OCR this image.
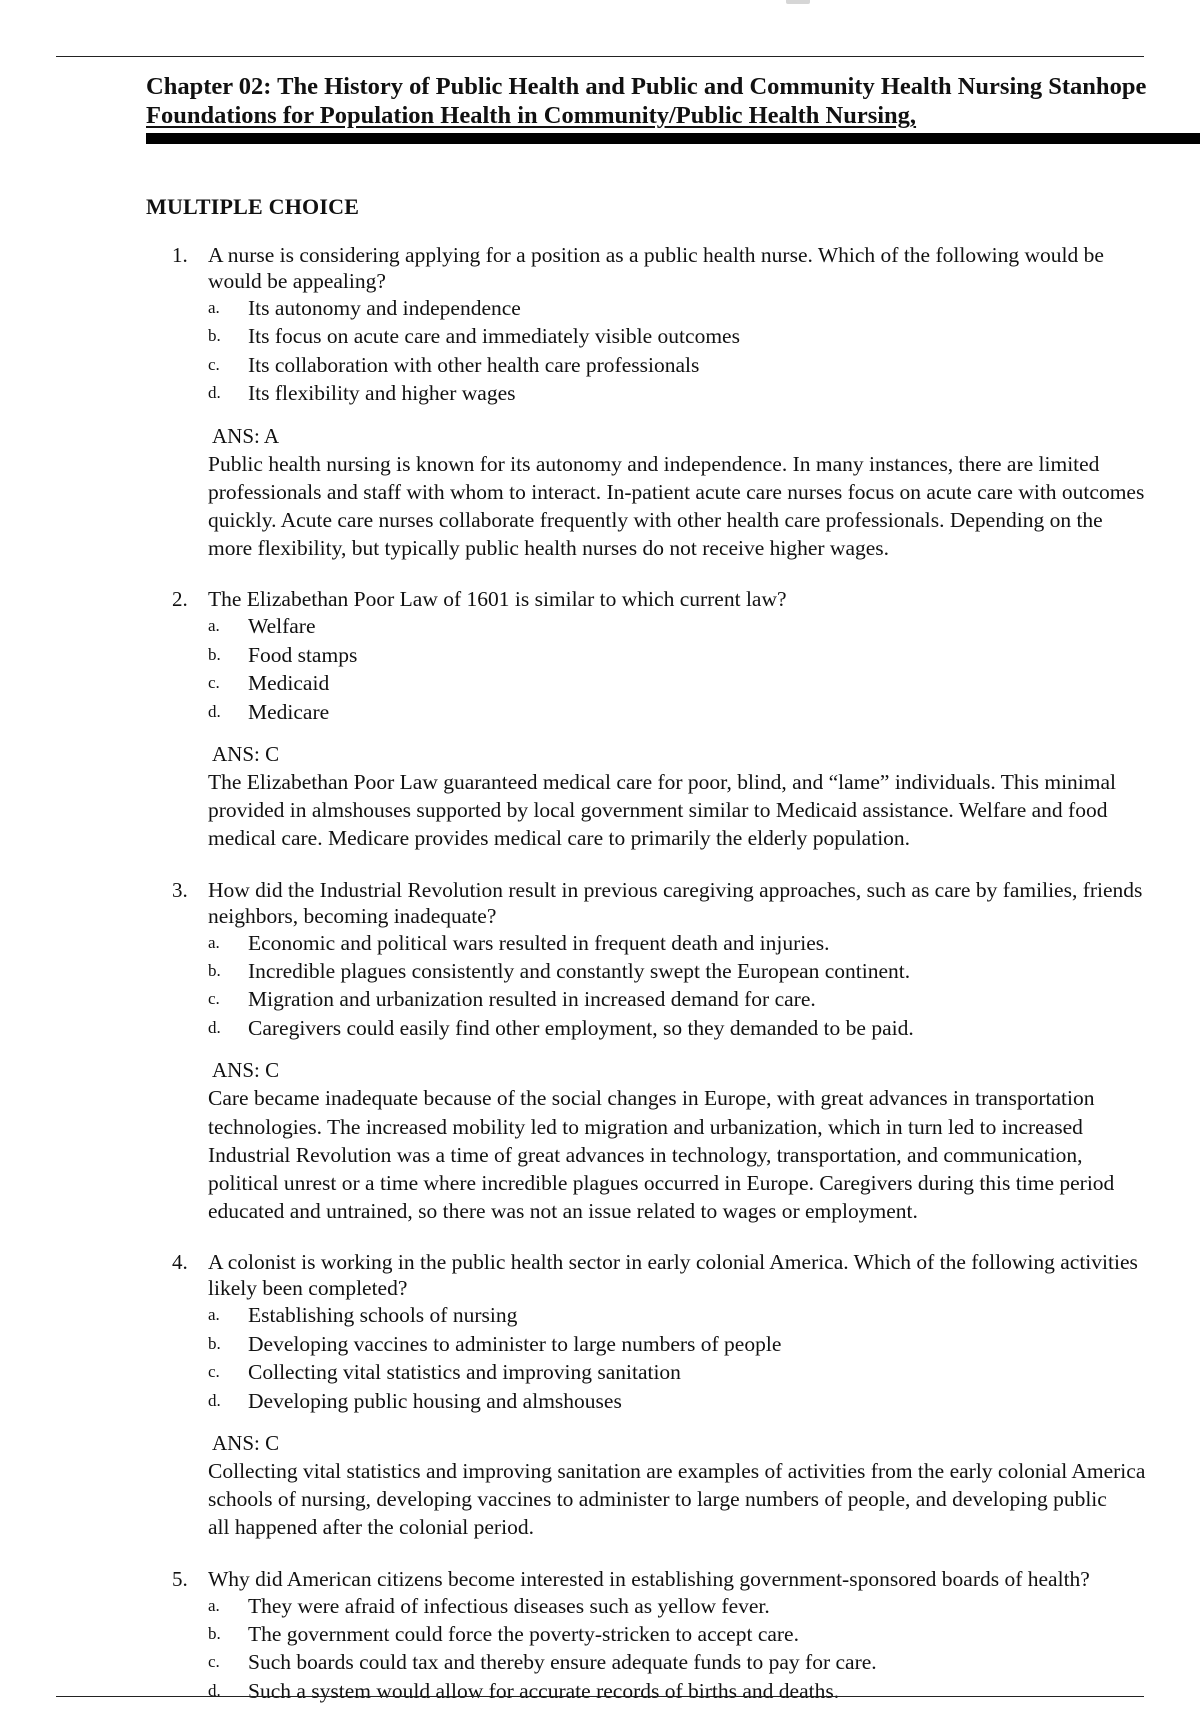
Chapter 02: The History of Public Health and Public and Community Health Nursing Stanhope
Foundations for Population Health in Community/Public Health Nursing,
MULTIPLE CHOICE
1. A nurse is considering applying for a position as a public health nurse. Which of the following would be
would be appealing?
a. Its autonomy and independence
b. Its focus on acute care and immediately visible outcomes
c. Its collaboration with other health care professionals
d. Its flexibility and higher wages
ANS: A
Public health nursing is known for its autonomy and independence. In many instances, there are limited
professionals and staff with whom to interact. In-patient acute care nurses focus on acute care with outcomes
quickly. Acute care nurses collaborate frequently with other health care professionals. Depending on the
more flexibility, but typically public health nurses do not receive higher wages.
2. The Elizabethan Poor Law of 1601 is similar to which current law?
a. Welfare
b. Food stamps
c. Medicaid
d. Medicare
ANS: C
The Elizabethan Poor Law guaranteed medical care for poor, blind, and “lame” individuals. This minimal
provided in almshouses supported by local government similar to Medicaid assistance. Welfare and food
medical care. Medicare provides medical care to primarily the elderly population.
3. How did the Industrial Revolution result in previous caregiving approaches, such as care by families, friends
neighbors, becoming inadequate?
a. Economic and political wars resulted in frequent death and injuries.
b. Incredible plagues consistently and constantly swept the European continent.
c. Migration and urbanization resulted in increased demand for care.
d. Caregivers could easily find other employment, so they demanded to be paid.
ANS: C
Care became inadequate because of the social changes in Europe, with great advances in transportation
technologies. The increased mobility led to migration and urbanization, which in turn led to increased
Industrial Revolution was a time of great advances in technology, transportation, and communication,
political unrest or a time where incredible plagues occurred in Europe. Caregivers during this time period
educated and untrained, so there was not an issue related to wages or employment.
4. A colonist is working in the public health sector in early colonial America. Which of the following activities
likely been completed?
a. Establishing schools of nursing
b. Developing vaccines to administer to large numbers of people
c. Collecting vital statistics and improving sanitation
d. Developing public housing and almshouses
ANS: C
Collecting vital statistics and improving sanitation are examples of activities from the early colonial America
schools of nursing, developing vaccines to administer to large numbers of people, and developing public
all happened after the colonial period.
5. Why did American citizens become interested in establishing government-sponsored boards of health?
a. They were afraid of infectious diseases such as yellow fever.
b. The government could force the poverty-stricken to accept care.
c. Such boards could tax and thereby ensure adequate funds to pay for care.
d. Such a system would allow for accurate records of births and deaths.
